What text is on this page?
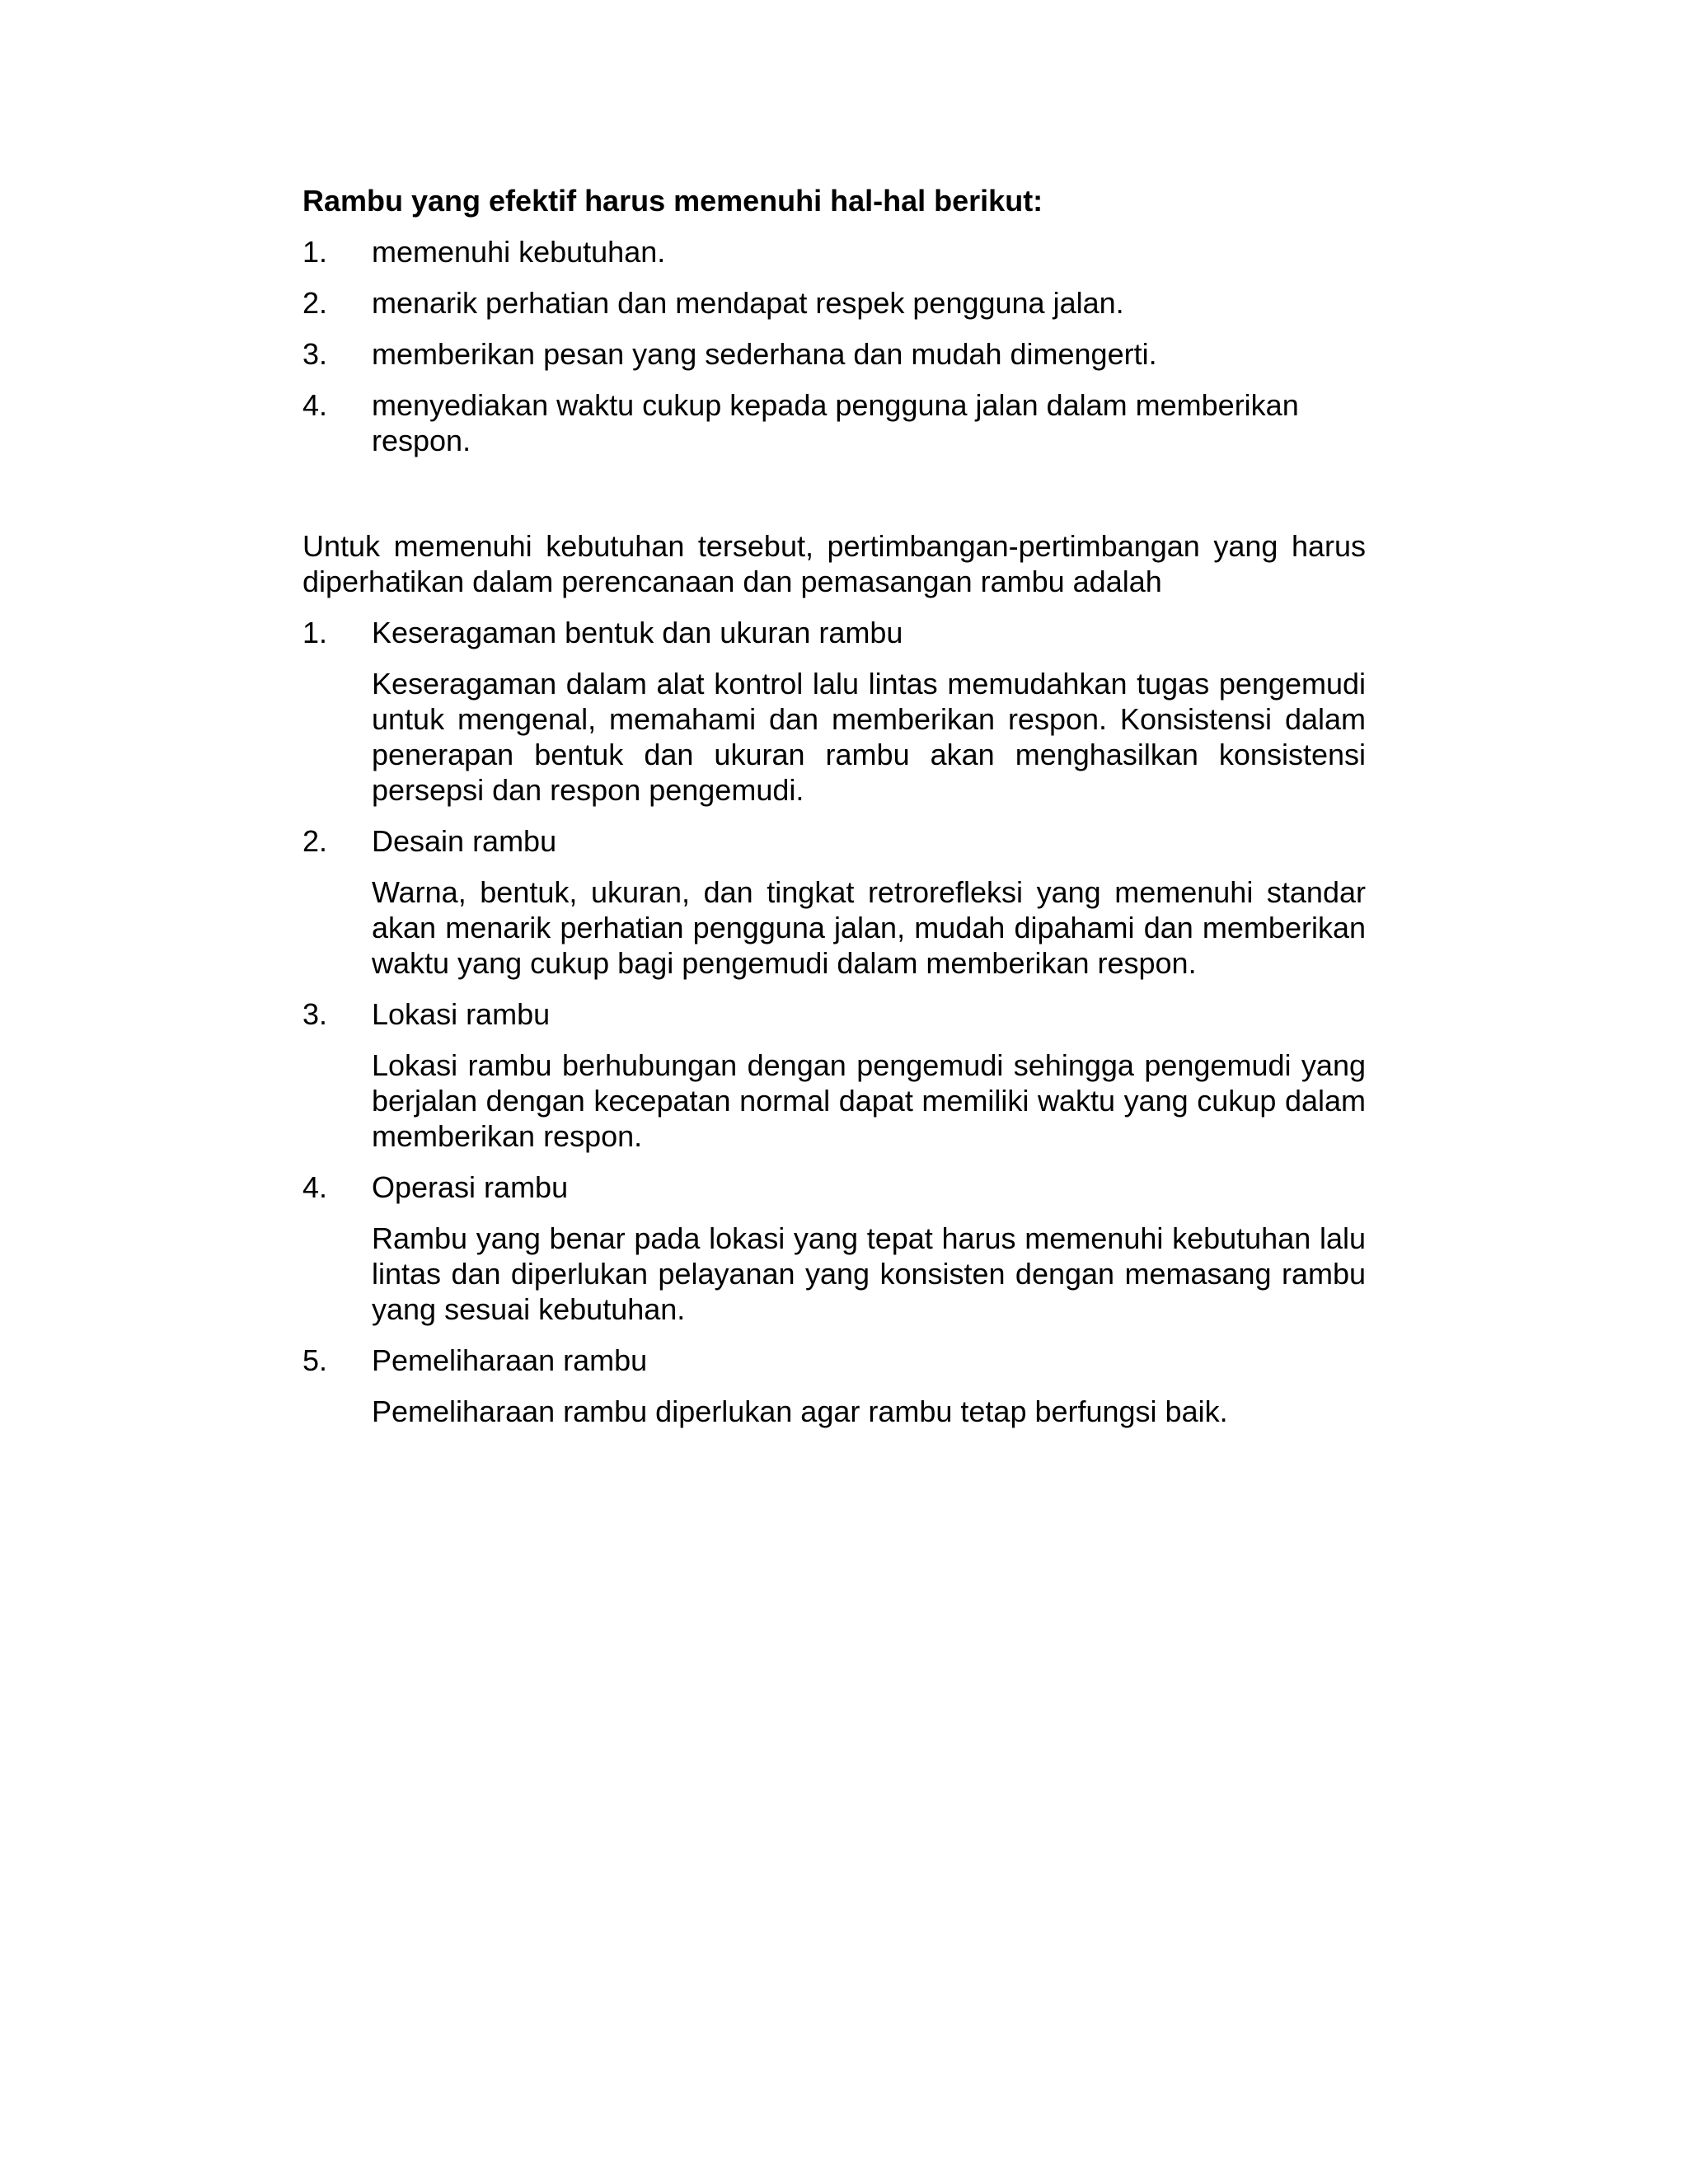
Rambu yang efektif harus memenuhi hal-hal berikut:
1.	memenuhi kebutuhan.
2.	menarik perhatian dan mendapat respek pengguna jalan.
3.	memberikan pesan yang sederhana dan mudah dimengerti.
4.	menyediakan waktu cukup kepada pengguna jalan dalam memberikan respon.
Untuk memenuhi kebutuhan tersebut, pertimbangan-pertimbangan yang harus diperhatikan dalam perencanaan dan pemasangan rambu adalah
1.	Keseragaman bentuk dan ukuran rambu
Keseragaman dalam alat kontrol lalu lintas memudahkan tugas pengemudi untuk mengenal, memahami dan memberikan respon. Konsistensi dalam penerapan bentuk dan ukuran rambu akan menghasilkan konsistensi persepsi dan respon pengemudi.
2.	Desain rambu
Warna, bentuk, ukuran, dan tingkat retrorefleksi yang memenuhi standar akan menarik perhatian pengguna jalan, mudah dipahami dan memberikan waktu yang cukup bagi pengemudi dalam memberikan respon.
3.	Lokasi rambu
Lokasi rambu berhubungan dengan pengemudi sehingga pengemudi yang berjalan dengan kecepatan normal dapat memiliki waktu yang cukup dalam memberikan respon.
4.	Operasi rambu
Rambu yang benar pada lokasi yang tepat harus memenuhi kebutuhan lalu lintas dan diperlukan pelayanan yang konsisten dengan memasang rambu yang sesuai kebutuhan.
5.	Pemeliharaan rambu
Pemeliharaan rambu diperlukan agar rambu tetap berfungsi baik.
